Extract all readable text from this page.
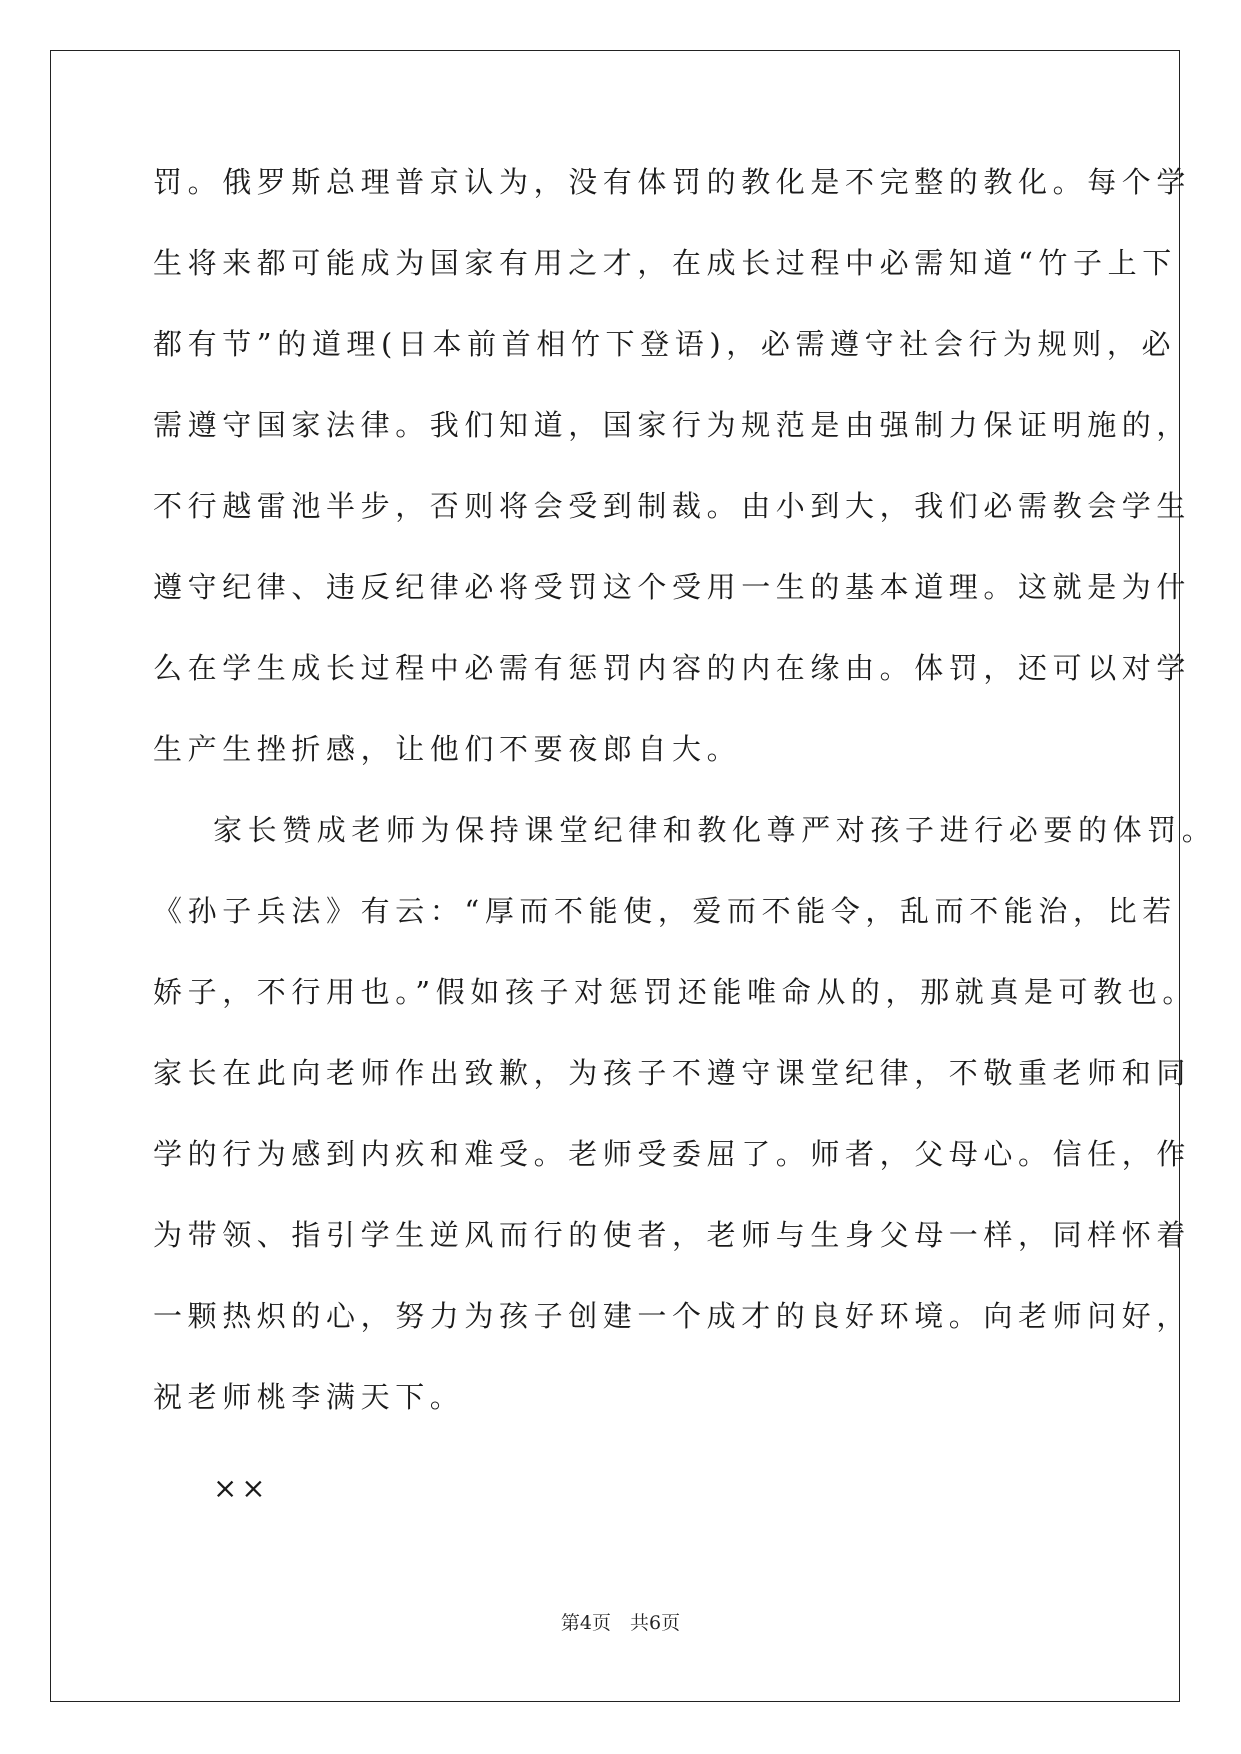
罚。俄罗斯总理普京认为，没有体罚的教化是不完整的教化。每个学
生将来都可能成为国家有用之才，在成长过程中必需知道“竹子上下
都有节”的道理(日本前首相竹下登语)，必需遵守社会行为规则，必
需遵守国家法律。我们知道，国家行为规范是由强制力保证明施的，
不行越雷池半步，否则将会受到制裁。由小到大，我们必需教会学生
遵守纪律、违反纪律必将受罚这个受用一生的基本道理。这就是为什
么在学生成长过程中必需有惩罚内容的内在缘由。体罚，还可以对学
生产生挫折感，让他们不要夜郎自大。
家长赞成老师为保持课堂纪律和教化尊严对孩子进行必要的体罚。
《孙子兵法》有云：“厚而不能使，爱而不能令，乱而不能治，比若
娇子，不行用也。”假如孩子对惩罚还能唯命从的，那就真是可教也。
家长在此向老师作出致歉，为孩子不遵守课堂纪律，不敬重老师和同
学的行为感到内疚和难受。老师受委屈了。师者，父母心。信任，作
为带领、指引学生逆风而行的使者，老师与生身父母一样，同样怀着
一颗热炽的心，努力为孩子创建一个成才的良好环境。向老师问好，
祝老师桃李满天下。
××
第4页　共6页
